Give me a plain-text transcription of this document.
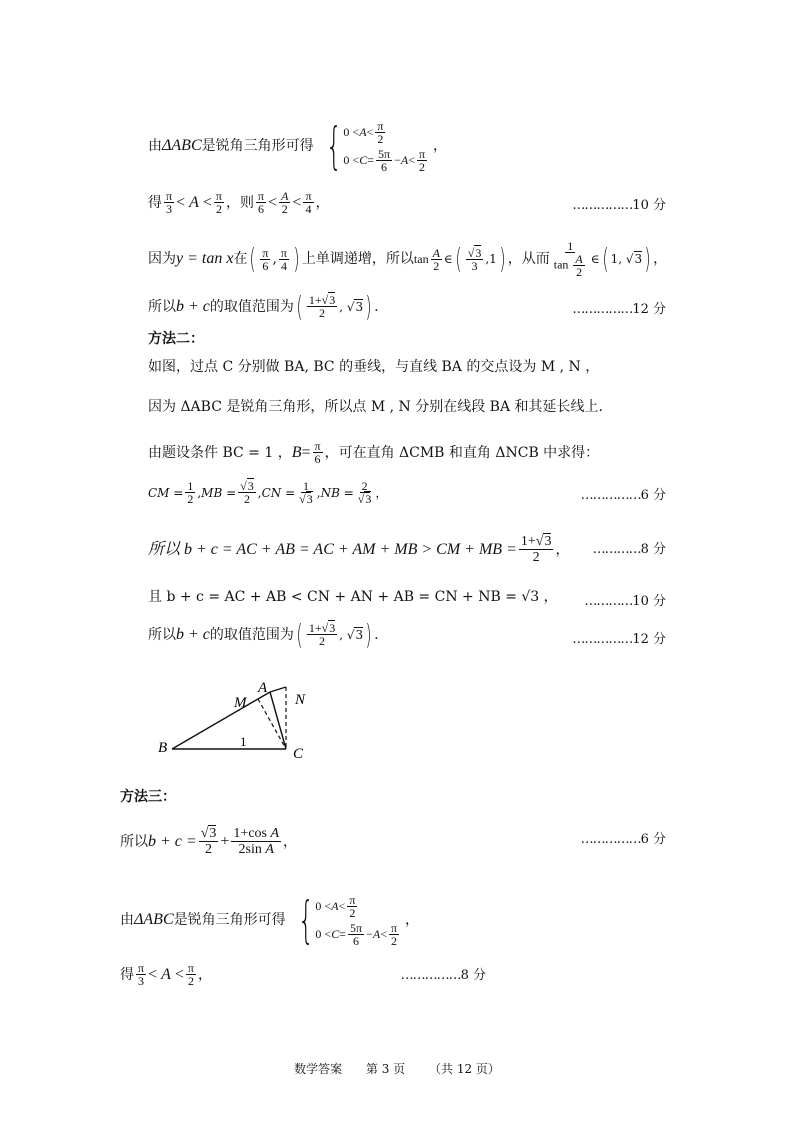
由 ΔABC 是锐角三角形可得 { $0 < A < \frac{\pi}{2}$
$0 < C = \frac{5\pi}{6} - A < \frac{\pi}{2}$
，
得 $\frac{\pi}{3} < A < \frac{\pi}{2}$ ，则 $\frac{\pi}{6} < \frac{A}{2} < \frac{\pi}{4}$ ，	……………10 分
因为 y = tan x 在 ( $\frac{\pi}{6}$ , $\frac{\pi}{4}$ ) 上单调递增，所以 $\tan \frac{A}{2}$ ∈ ( $\frac{√3}{3} ,1$ ) ，从而 $\frac{1}{\tan \frac{A}{2}}$ ∈ ( 1, √3 ) ，
所以 b + c 的取值范围为 ( $\frac{1+√3}{2}$ , √3 ) .	……………12 分
方法二：
如图，过点 C 分别做 BA, BC 的垂线，与直线 BA 的交点设为 M , N ，
因为 ΔABC 是锐角三角形，所以点 M , N 分别在线段 BA 和其延长线上.
由题设条件 BC = 1 ， $B = \frac{\pi}{6}$ ，可在直角 ΔCMB 和直角 ΔNCB 中求得：
CM = $\frac{1}{2}$ , MB = $\frac{√3}{2}$ , CN = $\frac{1}{√3}$ , NB = $\frac{2}{√3}$ ，	……………6 分
所以 b + c = AC + AB = AC + AM + MB > CM + MB = $\frac{1+√3}{2}$ ， …………8 分
且 b + c = AC + AB < CN + AN + AB = CN + NB = √3 ， …………10 分
所以 b + c 的取值范围为 ( $\frac{1+√3}{2}$ , √3 ) .	……………12 分
B	C
A
M	N
1
方法三：
所以 $b + c = \frac{√3}{2} + \frac{\text{1+cos A}}{\text{2sin A}}$ ，	……………6 分
由 ΔABC 是锐角三角形可得 { $0 < A < \frac{\pi}{2}$
$0 < C = \frac{5\pi}{6} - A < \frac{\pi}{2}$
，
得 $\frac{\pi}{3} < A < \frac{\pi}{2}$ ，	……………8 分
数学答案 第 3 页 （共 12 页）
